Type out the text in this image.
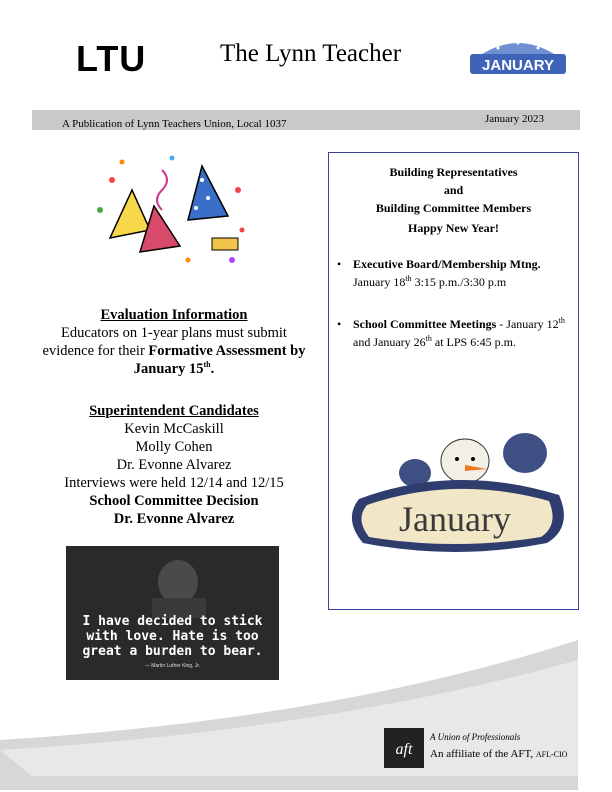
LTU	The Lynn Teacher	JANUARY
A Publication of Lynn Teachers Union, Local 1037	January 2023
Evaluation Information
Educators on 1-year plans must submit evidence for their Formative Assessment by January 15th.
Superintendent Candidates
Kevin McCaskill
Molly Cohen
Dr. Evonne Alvarez
Interviews were held 12/14 and 12/15
School Committee Decision
Dr. Evonne Alvarez
I have decided to stick
with love. Hate is too
great a burden to bear.
— Martin Luther King, Jr.
Building Representatives
and
Building Committee Members
Happy New Year!
• Executive Board/Membership Mtng. January 18th 3:15 p.m./3:30 p.m
• School Committee Meetings - January 12th and January 26th at LPS 6:45 p.m.
January
aft
A Union of Professionals
An affiliate of the AFT, AFL-CIO
